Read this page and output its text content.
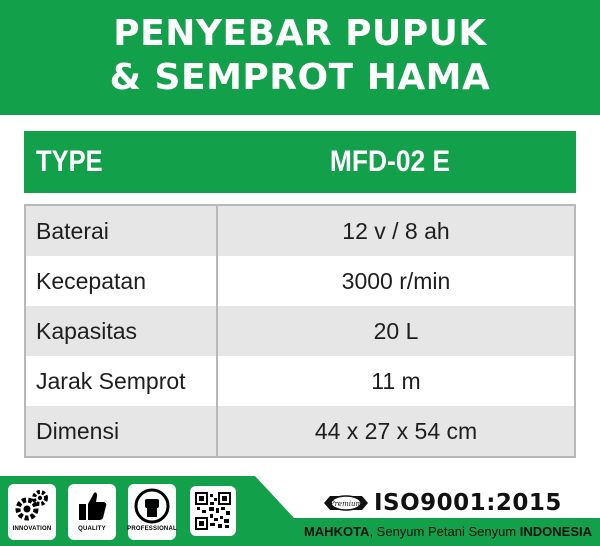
PENYEBAR PUPUK
& SEMPROT HAMA
TYPE	MFD-02 E
Baterai	12 v / 8 ah
Kecepatan	3000 r/min
Kapasitas	20 L
Jarak Semprot	11 m
Dimensi	44 x 27 x 54 cm
INNOVATION	QUALITY	PROFESSIONAL
Premium ISO9001:2015
MAHKOTA, Senyum Petani Senyum INDONESIA
